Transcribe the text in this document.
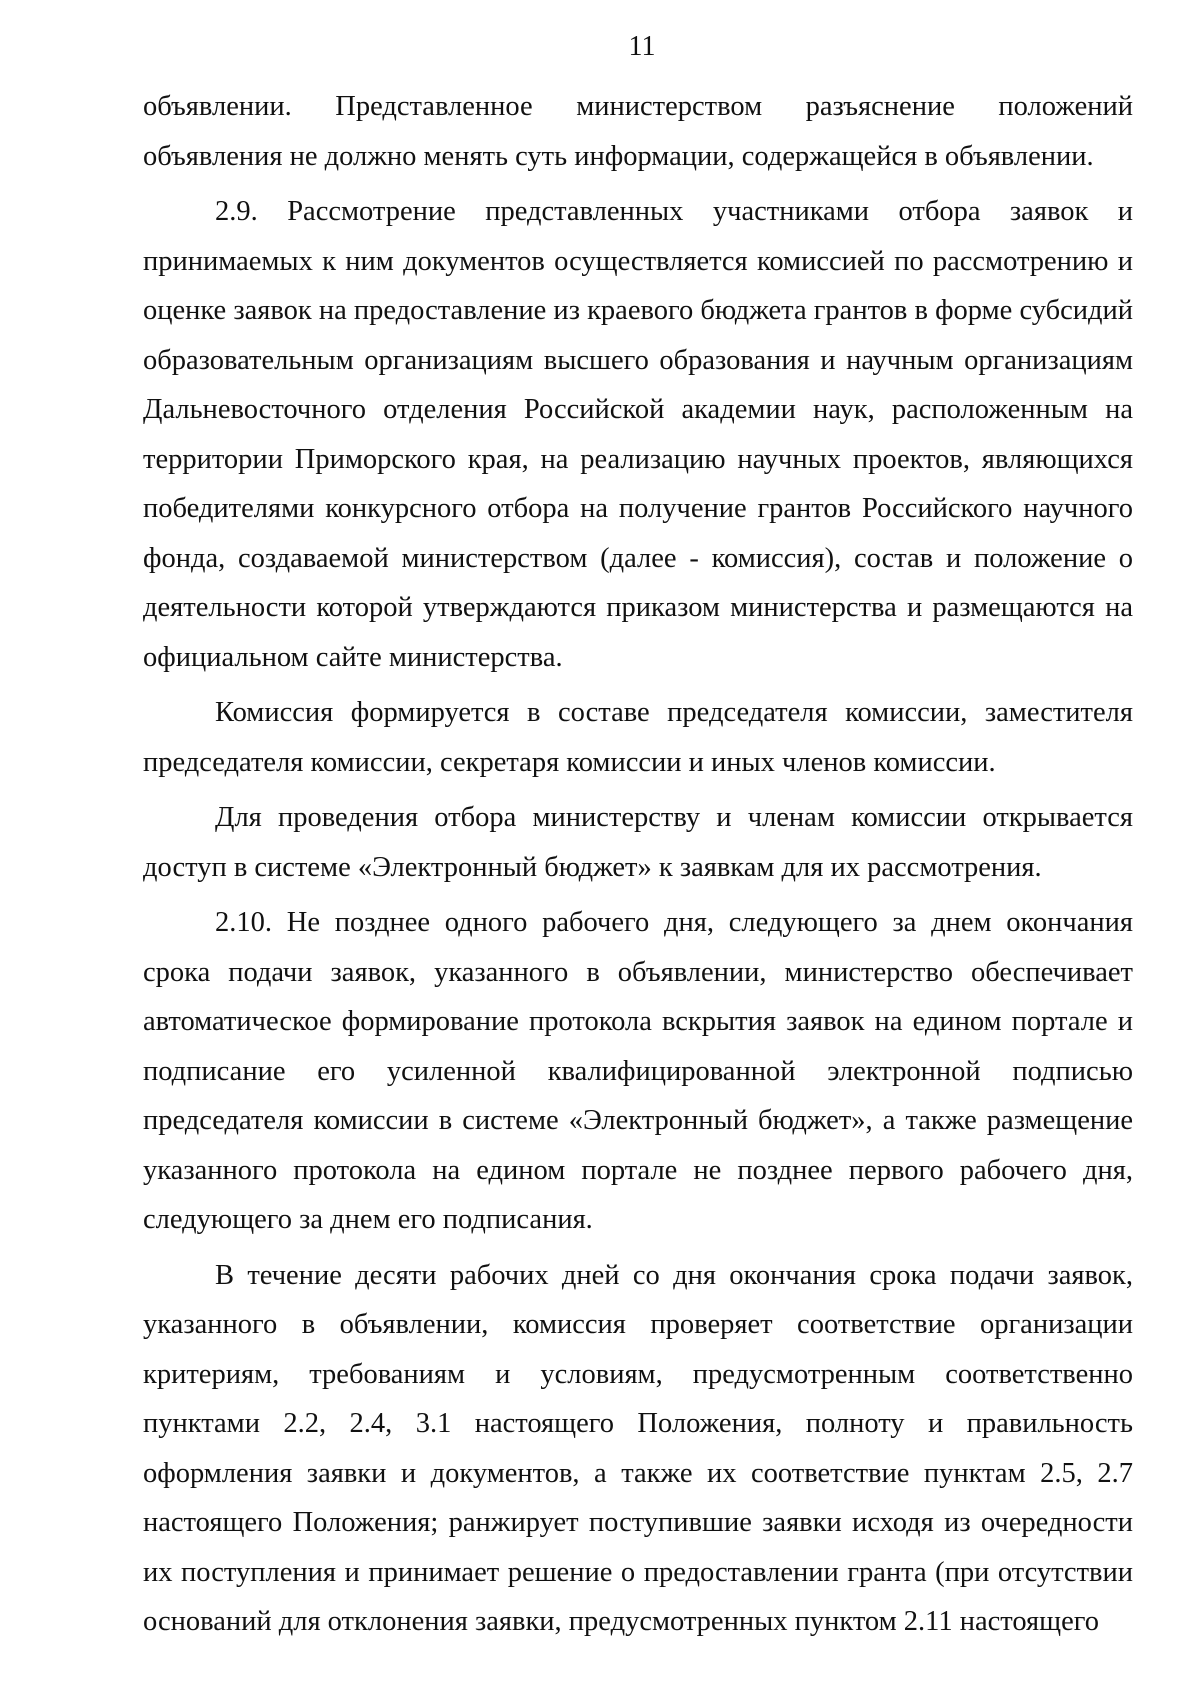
11

объявлении. Представленное министерством разъяснение положений объявления не должно менять суть информации, содержащейся в объявлении.

2.9. Рассмотрение представленных участниками отбора заявок и принимаемых к ним документов осуществляется комиссией по рассмотрению и оценке заявок на предоставление из краевого бюджета грантов в форме субсидий образовательным организациям высшего образования и научным организациям Дальневосточного отделения Российской академии наук, расположенным на территории Приморского края, на реализацию научных проектов, являющихся победителями конкурсного отбора на получение грантов Российского научного фонда, создаваемой министерством (далее - комиссия), состав и положение о деятельности которой утверждаются приказом министерства и размещаются на официальном сайте министерства.

Комиссия формируется в составе председателя комиссии, заместителя председателя комиссии, секретаря комиссии и иных членов комиссии.

Для проведения отбора министерству и членам комиссии открывается доступ в системе «Электронный бюджет» к заявкам для их рассмотрения.

2.10. Не позднее одного рабочего дня, следующего за днем окончания срока подачи заявок, указанного в объявлении, министерство обеспечивает автоматическое формирование протокола вскрытия заявок на едином портале и подписание его усиленной квалифицированной электронной подписью председателя комиссии в системе «Электронный бюджет», а также размещение указанного протокола на едином портале не позднее первого рабочего дня, следующего за днем его подписания.

В течение десяти рабочих дней со дня окончания срока подачи заявок, указанного в объявлении, комиссия проверяет соответствие организации критериям, требованиям и условиям, предусмотренным соответственно пунктами 2.2, 2.4, 3.1 настоящего Положения, полноту и правильность оформления заявки и документов, а также их соответствие пунктам 2.5, 2.7 настоящего Положения; ранжирует поступившие заявки исходя из очередности их поступления и принимает решение о предоставлении гранта (при отсутствии оснований для отклонения заявки, предусмотренных пунктом 2.11 настоящего
